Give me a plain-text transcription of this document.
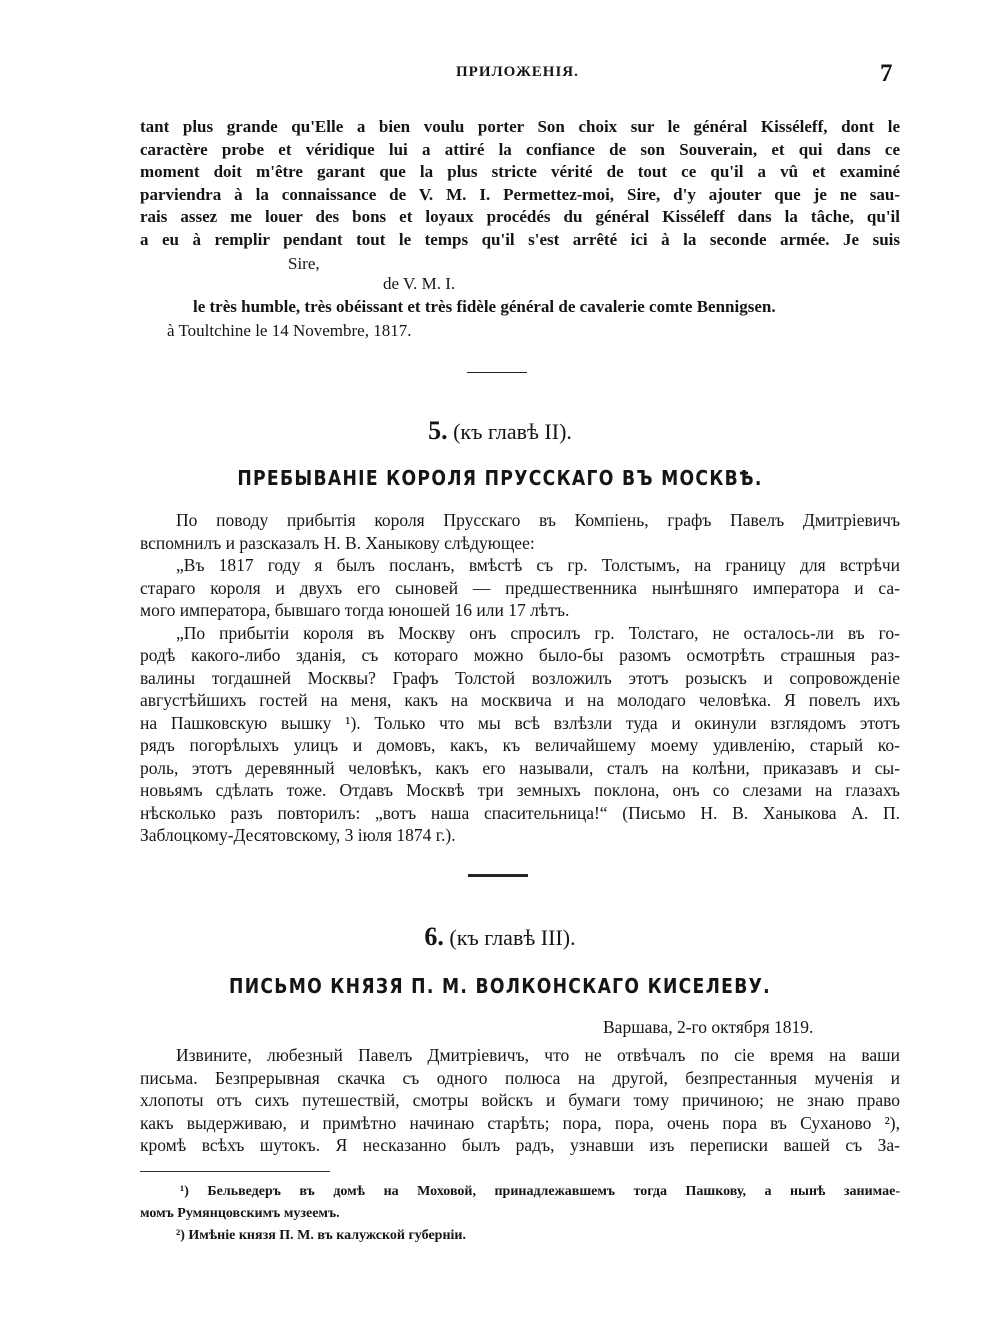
ПРИЛОЖЕНІЯ.	7
tant plus grande qu'Elle a bien voulu porter Son choix sur le général Kisséleff, dont le
caractère probe et véridique lui a attiré la confiance de son Souverain, et qui dans ce
moment doit m'être garant que la plus stricte vérité de tout ce qu'il a vû et examiné
parviendra à la connaissance de V. M. I. Permettez-moi, Sire, d'y ajouter que je ne sau-
rais assez me louer des bons et loyaux procédés du général Kisséleff dans la tâche, qu'il
a eu à remplir pendant tout le temps qu'il s'est arrêté ici à la seconde armée. Je suis
Sire,
de V. M. I.
le très humble, très obéissant et très fidèle général de cavalerie comte Bennigsen.
à Toultchine le 14 Novembre, 1817.
5. (къ главѣ II).
ПРЕБЫВАНІЕ КОРОЛЯ ПРУССКАГО ВЪ МОСКВѢ.
По поводу прибытія короля Прусскаго въ Компіень, графъ Павелъ Дмитріевичъ
вспомнилъ и разсказалъ Н. В. Ханыкову слѣдующее:
„Въ 1817 году я былъ посланъ, вмѣстѣ съ гр. Толстымъ, на границу для встрѣчи
стараго короля и двухъ его сыновей — предшественника нынѣшняго императора и са-
мого императора, бывшаго тогда юношей 16 или 17 лѣтъ.
„По прибытіи короля въ Москву онъ спросилъ гр. Толстаго, не осталось-ли въ го-
родѣ какого-либо зданія, съ котораго можно было-бы разомъ осмотрѣть страшныя раз-
валины тогдашней Москвы? Графъ Толстой возложилъ этотъ розыскъ и сопровожденіе
августѣйшихъ гостей на меня, какъ на москвича и на молодаго человѣка. Я повелъ ихъ
на Пашковскую вышку ¹). Только что мы всѣ взлѣзли туда и окинули взглядомъ этотъ
рядъ погорѣлыхъ улицъ и домовъ, какъ, къ величайшему моему удивленію, старый ко-
роль, этотъ деревянный человѣкъ, какъ его называли, сталъ на колѣни, приказавъ и сы-
новьямъ сдѣлать тоже. Отдавъ Москвѣ три земныхъ поклона, онъ со слезами на глазахъ
нѣсколько разъ повторилъ: „вотъ наша спасительница!“ (Письмо Н. В. Ханыкова А. П.
Заблоцкому-Десятовскому, 3 іюля 1874 г.).
6. (къ главѣ III).
ПИСЬМО КНЯЗЯ П. М. ВОЛКОНСКАГО КИСЕЛЕВУ.
Варшава, 2-го октября 1819.
Извините, любезный Павелъ Дмитріевичъ, что не отвѣчалъ по сіе время на ваши
письма. Безпрерывная скачка съ одного полюса на другой, безпрестанныя мученія и
хлопоты отъ сихъ путешествій, смотры войскъ и бумаги тому причиною; не знаю право
какъ выдерживаю, и примѣтно начинаю старѣть; пора, пора, очень пора въ Суханово ²),
кромѣ всѣхъ шутокъ. Я несказанно былъ радъ, узнавши изъ переписки вашей съ За-
¹) Бельведеръ въ домѣ на Моховой, принадлежавшемъ тогда Пашкову, а нынѣ занимае-
момъ Румянцовскимъ музеемъ.
²) Имѣніе князя П. М. въ калужской губерніи.
